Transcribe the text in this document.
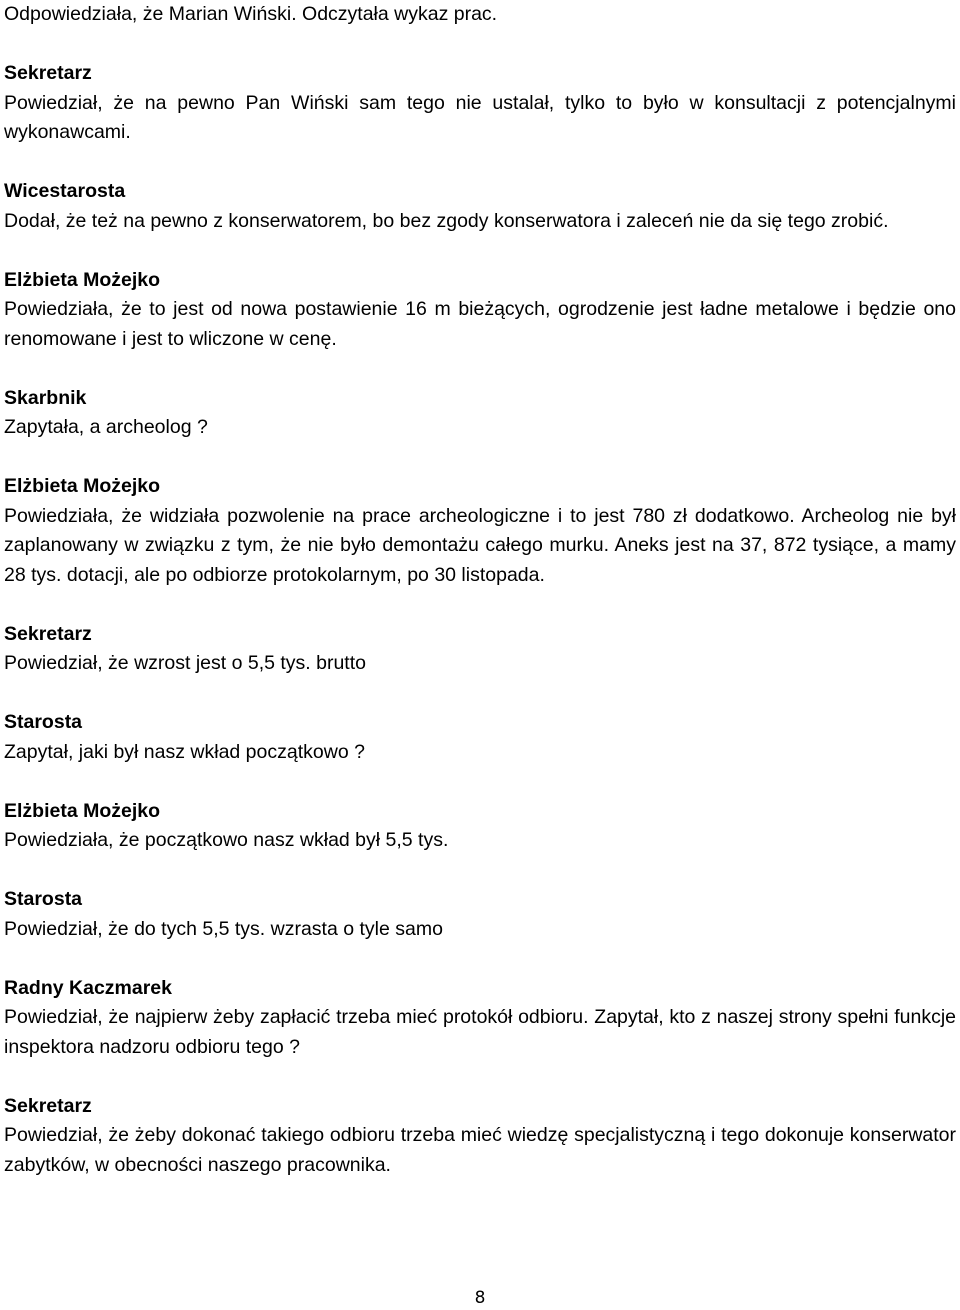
Odpowiedziała, że Marian Wiński. Odczytała wykaz prac.

Sekretarz

Powiedział, że na pewno Pan Wiński sam tego nie ustalał, tylko to było w konsultacji z potencjalnymi wykonawcami.

Wicestarosta

Dodał, że też na pewno z konserwatorem, bo bez zgody konserwatora i zaleceń nie da się tego zrobić.

Elżbieta Możejko

Powiedziała, że to jest od nowa postawienie 16 m bieżących, ogrodzenie jest ładne metalowe i będzie ono renomowane i jest to wliczone w cenę.

Skarbnik

Zapytała, a archeolog ?

Elżbieta Możejko

Powiedziała, że widziała pozwolenie na prace archeologiczne i to jest 780 zł dodatkowo. Archeolog nie był zaplanowany w związku z tym, że nie było demontażu całego murku. Aneks jest na 37, 872 tysiące, a mamy 28 tys. dotacji, ale po odbiorze protokolarnym, po 30 listopada.

Sekretarz

Powiedział, że wzrost jest o 5,5 tys. brutto

Starosta

Zapytał, jaki był nasz wkład początkowo ?

Elżbieta Możejko

Powiedziała, że początkowo nasz wkład był 5,5 tys.

Starosta

Powiedział, że do tych 5,5 tys. wzrasta o tyle samo

Radny Kaczmarek

Powiedział, że najpierw żeby zapłacić trzeba mieć protokół odbioru. Zapytał, kto z naszej strony spełni funkcje inspektora nadzoru odbioru tego ?

Sekretarz

Powiedział, że żeby dokonać takiego odbioru trzeba mieć wiedzę specjalistyczną i tego dokonuje konserwator zabytków, w obecności naszego pracownika.

8
